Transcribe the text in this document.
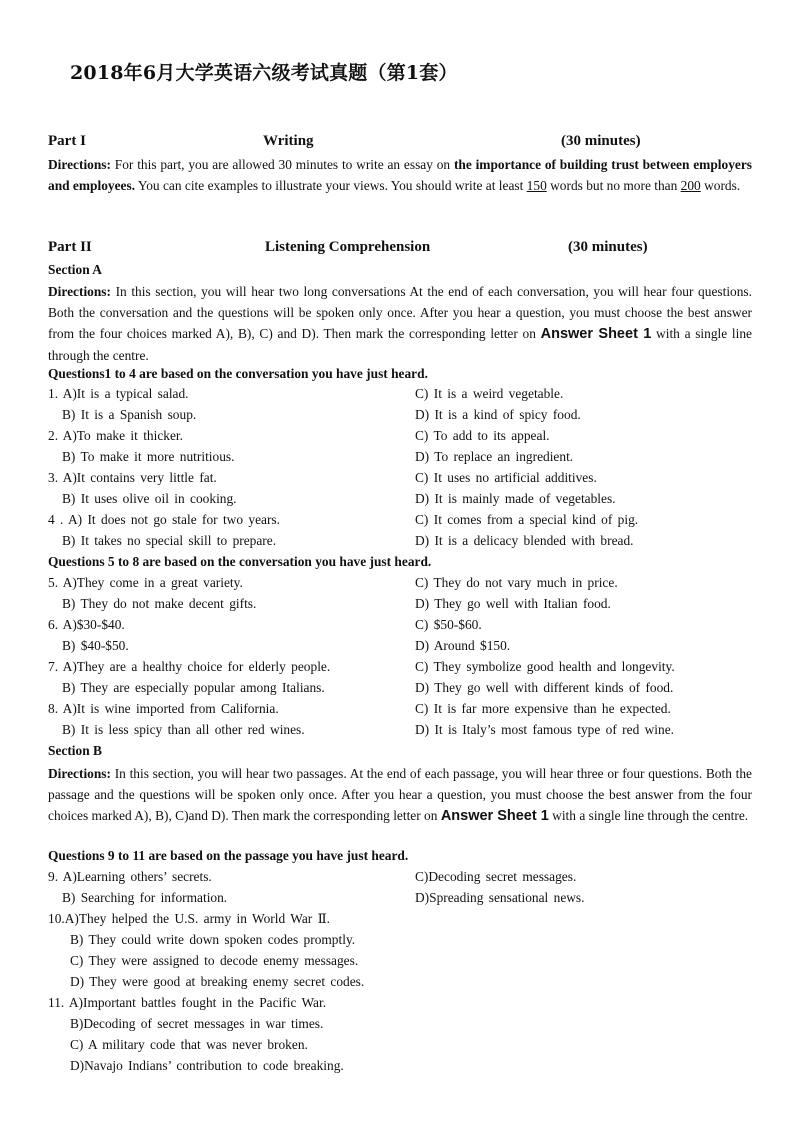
2018年6月大学英语六级考试真题（第1套）
Part I	Writing	(30 minutes)
Directions: For this part, you are allowed 30 minutes to write an essay on the importance of building trust between employers and employees. You can cite examples to illustrate your views. You should write at least 150 words but no more than 200 words.
Part II	Listening Comprehension	(30 minutes)
Section A
Directions: In this section, you will hear two long conversations At the end of each conversation, you will hear four questions. Both the conversation and the questions will be spoken only once. After you hear a question, you must choose the best answer from the four choices marked A), B), C) and D). Then mark the corresponding letter on Answer Sheet 1 with a single line through the centre.
Questions1 to 4 are based on the conversation you have just heard.
1. A)It is a typical salad.	C) It is a weird vegetable.
B) It is a Spanish soup.	D) It is a kind of spicy food.
2. A)To make it thicker.	C) To add to its appeal.
B) To make it more nutritious.	D) To replace an ingredient.
3. A)It contains very little fat.	C) It uses no artificial additives.
B) It uses olive oil in cooking.	D) It is mainly made of vegetables.
4 . A) It does not go stale for two years.	C) It comes from a special kind of pig.
B) It takes no special skill to prepare.	D) It is a delicacy blended with bread.
Questions 5 to 8 are based on the conversation you have just heard.
5. A)They come in a great variety.	C) They do not vary much in price.
B) They do not make decent gifts.	D) They go well with Italian food.
6. A)$30-$40.	C) $50-$60.
B) $40-$50.	D) Around $150.
7. A)They are a healthy choice for elderly people.	C) They symbolize good health and longevity.
B) They are especially popular among Italians.	D) They go well with different kinds of food.
8. A)It is wine imported from California.	C) It is far more expensive than he expected.
B) It is less spicy than all other red wines.	D) It is Italy’s most famous type of red wine.
Section B
Directions: In this section, you will hear two passages. At the end of each passage, you will hear three or four questions. Both the passage and the questions will be spoken only once. After you hear a question, you must choose the best answer from the four choices marked A), B), C)and D). Then mark the corresponding letter on Answer Sheet 1 with a single line through the centre.
Questions 9 to 11 are based on the passage you have just heard.
9. A)Learning others’ secrets.	C)Decoding secret messages.
B) Searching for information.	D)Spreading sensational news.
10.A)They helped the U.S. army in World War Ⅱ.
B) They could write down spoken codes promptly.
C) They were assigned to decode enemy messages.
D) They were good at breaking enemy secret codes.
11. A)Important battles fought in the Pacific War.
B)Decoding of secret messages in war times.
C) A military code that was never broken.
D)Navajo Indians’ contribution to code breaking.
